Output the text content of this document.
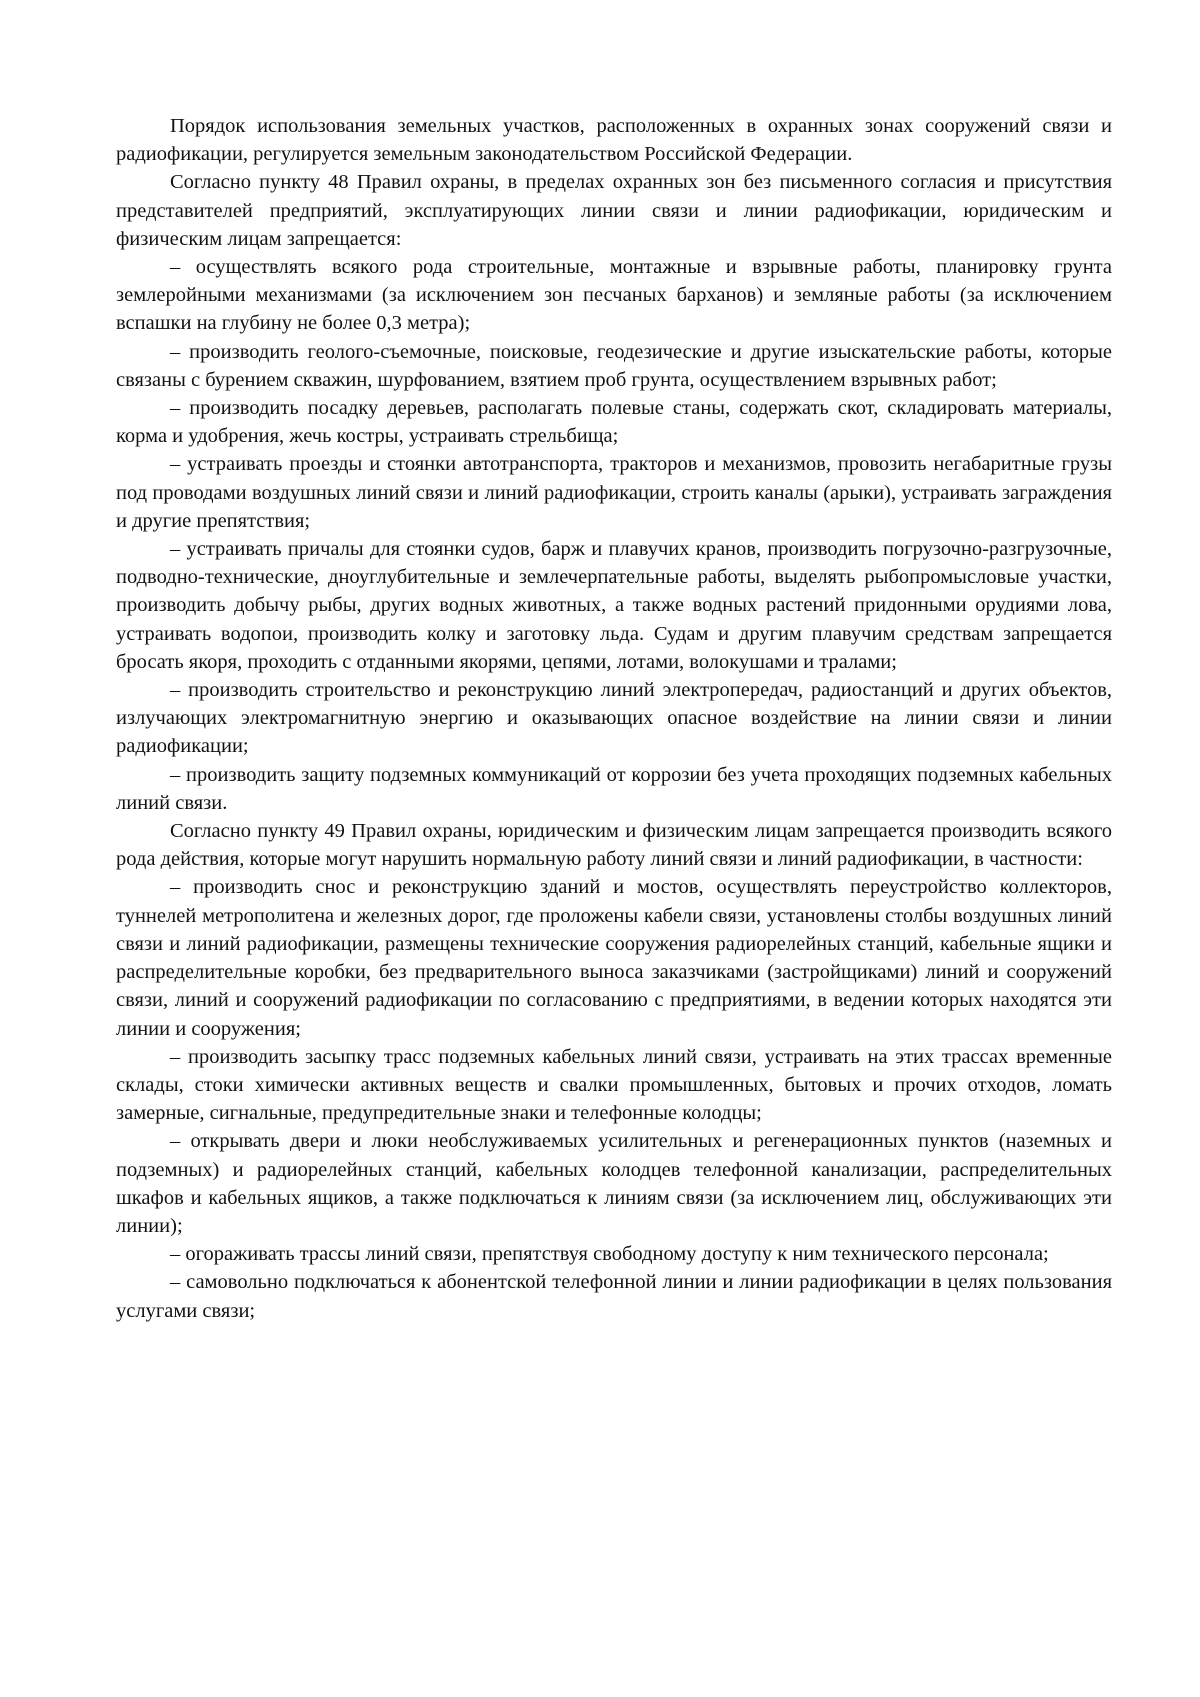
Порядок использования земельных участков, расположенных в охранных зонах сооружений связи и радиофикации, регулируется земельным законодательством Российской Федерации.

Согласно пункту 48 Правил охраны, в пределах охранных зон без письменного согласия и присутствия представителей предприятий, эксплуатирующих линии связи и линии радиофикации, юридическим и физическим лицам запрещается:

– осуществлять всякого рода строительные, монтажные и взрывные работы, планировку грунта землеройными механизмами (за исключением зон песчаных барханов) и земляные работы (за исключением вспашки на глубину не более 0,3 метра);

– производить геолого-съемочные, поисковые, геодезические и другие изыскательские работы, которые связаны с бурением скважин, шурфованием, взятием проб грунта, осуществлением взрывных работ;

– производить посадку деревьев, располагать полевые станы, содержать скот, складировать материалы, корма и удобрения, жечь костры, устраивать стрельбища;

– устраивать проезды и стоянки автотранспорта, тракторов и механизмов, провозить негабаритные грузы под проводами воздушных линий связи и линий радиофикации, строить каналы (арыки), устраивать заграждения и другие препятствия;

– устраивать причалы для стоянки судов, барж и плавучих кранов, производить погрузочно-разгрузочные, подводно-технические, дноуглубительные и землечерпательные работы, выделять рыбопромысловые участки, производить добычу рыбы, других водных животных, а также водных растений придонными орудиями лова, устраивать водопои, производить колку и заготовку льда. Судам и другим плавучим средствам запрещается бросать якоря, проходить с отданными якорями, цепями, лотами, волокушами и тралами;

– производить строительство и реконструкцию линий электропередач, радиостанций и других объектов, излучающих электромагнитную энергию и оказывающих опасное воздействие на линии связи и линии радиофикации;

– производить защиту подземных коммуникаций от коррозии без учета проходящих подземных кабельных линий связи.

Согласно пункту 49 Правил охраны, юридическим и физическим лицам запрещается производить всякого рода действия, которые могут нарушить нормальную работу линий связи и линий радиофикации, в частности:

– производить снос и реконструкцию зданий и мостов, осуществлять переустройство коллекторов, туннелей метрополитена и железных дорог, где проложены кабели связи, установлены столбы воздушных линий связи и линий радиофикации, размещены технические сооружения радиорелейных станций, кабельные ящики и распределительные коробки, без предварительного выноса заказчиками (застройщиками) линий и сооружений связи, линий и сооружений радиофикации по согласованию с предприятиями, в ведении которых находятся эти линии и сооружения;

– производить засыпку трасс подземных кабельных линий связи, устраивать на этих трассах временные склады, стоки химически активных веществ и свалки промышленных, бытовых и прочих отходов, ломать замерные, сигнальные, предупредительные знаки и телефонные колодцы;

– открывать двери и люки необслуживаемых усилительных и регенерационных пунктов (наземных и подземных) и радиорелейных станций, кабельных колодцев телефонной канализации, распределительных шкафов и кабельных ящиков, а также подключаться к линиям связи (за исключением лиц, обслуживающих эти линии);

– огораживать трассы линий связи, препятствуя свободному доступу к ним технического персонала;

– самовольно подключаться к абонентской телефонной линии и линии радиофикации в целях пользования услугами связи;
